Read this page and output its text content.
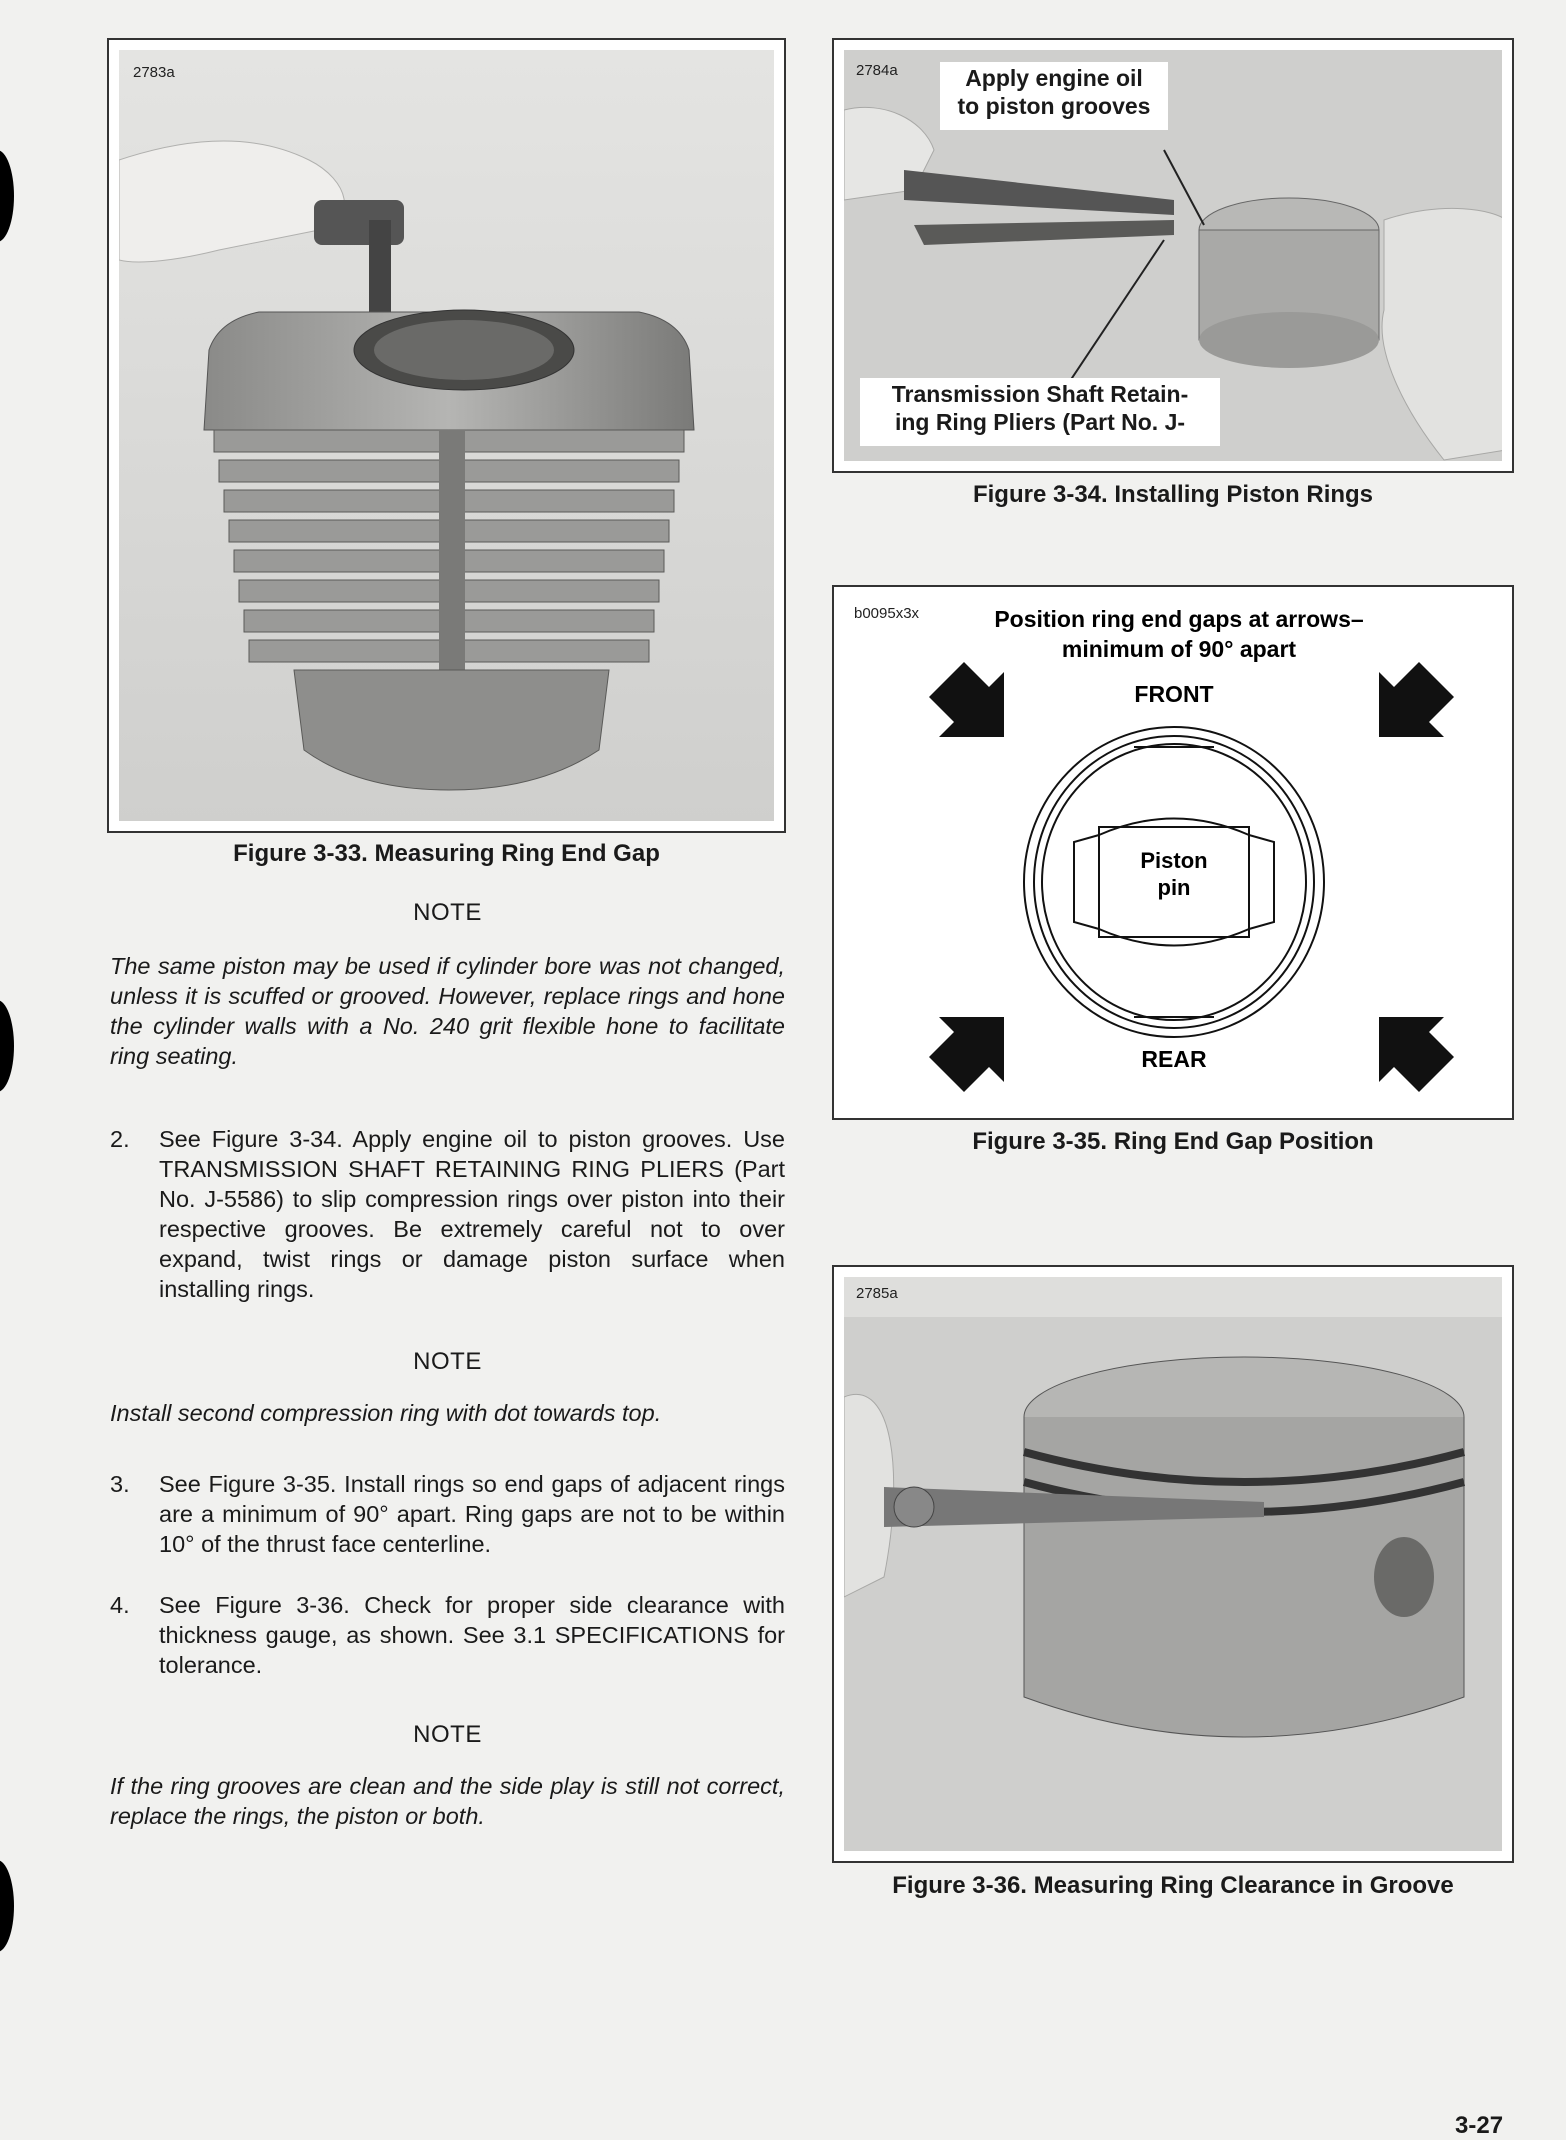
2783a
Figure 3-33. Measuring Ring End Gap
NOTE
The same piston may be used if cylinder bore was not changed, unless it is scuffed or grooved. However, replace rings and hone the cylinder walls with a No. 240 grit flexible hone to facilitate ring seating.
2. See Figure 3-34. Apply engine oil to piston grooves. Use TRANSMISSION SHAFT RETAINING RING PLIERS (Part No. J-5586) to slip compression rings over piston into their respective grooves. Be extremely careful not to over expand, twist rings or damage piston surface when installing rings.
NOTE
Install second compression ring with dot towards top.
3. See Figure 3-35. Install rings so end gaps of adjacent rings are a minimum of 90° apart. Ring gaps are not to be within 10° of the thrust face centerline.
4. See Figure 3-36. Check for proper side clearance with thickness gauge, as shown. See 3.1 SPECIFICATIONS for tolerance.
NOTE
If the ring grooves are clean and the side play is still not correct, replace the rings, the piston or both.
2784a	Apply engine oil
to piston grooves
Transmission Shaft Retain-
ing Ring Pliers (Part No. J-
Figure 3-34. Installing Piston Rings
b0095x3x	Position ring end gaps at arrows–
minimum of 90° apart
FRONT
REAR
Piston
pin
Figure 3-35. Ring End Gap Position
2785a
Figure 3-36. Measuring Ring Clearance in Groove
3-27
